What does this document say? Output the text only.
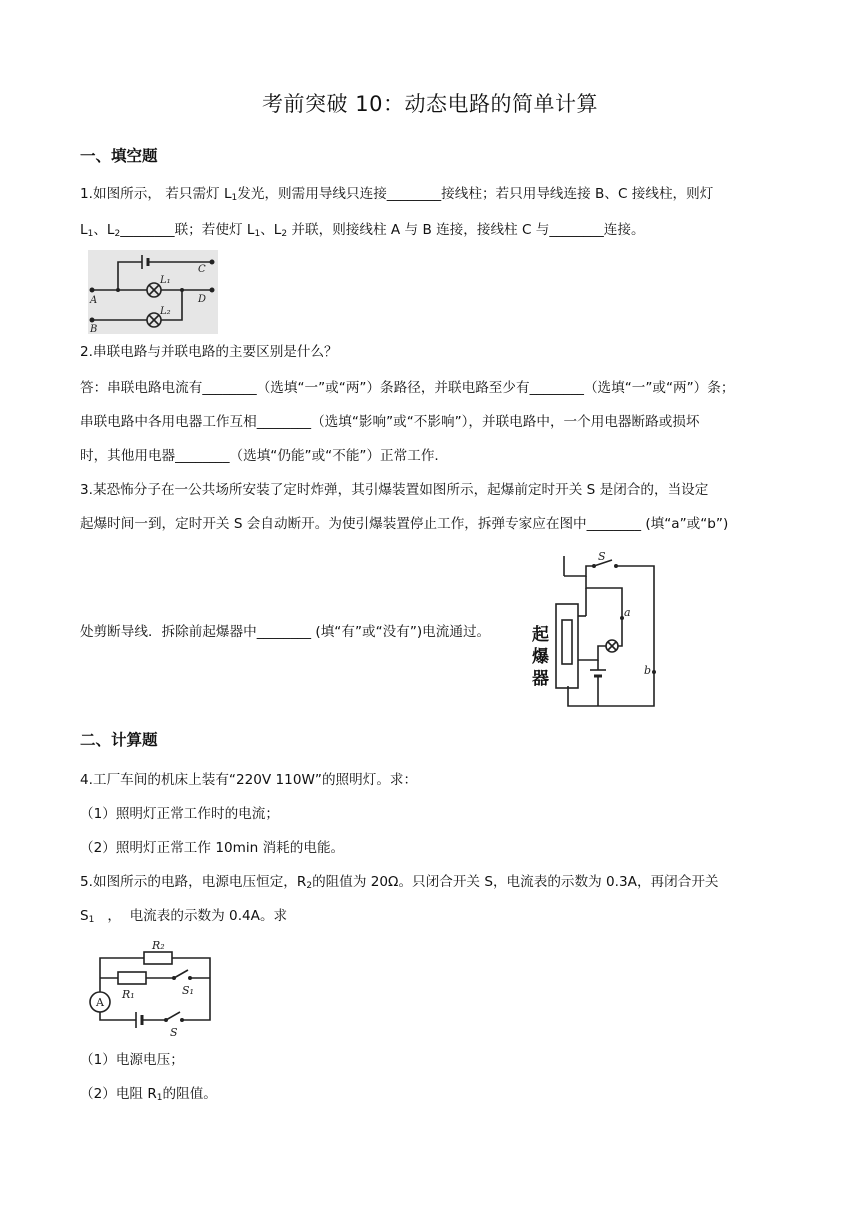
考前突破 10：动态电路的简单计算
一、填空题
1.如图所示， 若只需灯 $L_1$发光，则需用导线只连接________接线柱；若只用导线连接 B、C 接线柱，则灯
$L_1$、$L_2\_\_\_\_\_\_\_\_$联；若使灯 $L_1$、$L_2$ 并联，则接线柱 A 与 B 连接，接线柱 C 与________连接。
A
B
C
D
L₁
L₂
2.串联电路与并联电路的主要区别是什么？
答：串联电路电流有________（选填“一”或“两”）条路径，并联电路至少有________（选填“一”或“两”）条；
串联电路中各用电器工作互相________（选填“影响”或“不影响”），并联电路中，一个用电器断路或损坏
时，其他用电器________（选填“仍能”或“不能”）正常工作.
3.某恐怖分子在一公共场所安装了定时炸弹，其引爆装置如图所示，起爆前定时开关 S 是闭合的，当设定
起爆时间一到，定时开关 S 会自动断开。为使引爆装置停止工作，拆弹专家应在图中________ (填“a”或“b”)
处剪断导线．拆除前起爆器中________ (填“有”或“没有”)电流通过。
S
a
b
起
爆
器
二、计算题
4.工厂车间的机床上装有“220V 110W”的照明灯。求：
（1）照明灯正常工作时的电流；
（2）照明灯正常工作 10min 消耗的电能。
5.如图所示的电路，电源电压恒定，$R_2$的阻值为 20Ω。只闭合开关 S，电流表的示数为 0.3A，再闭合开关
$S_1$   ，  电流表的示数为 0.4A。求
R₂
R₁	S₁
S
A
（1）电源电压；
（2）电阻 $R_1$的阻值。
